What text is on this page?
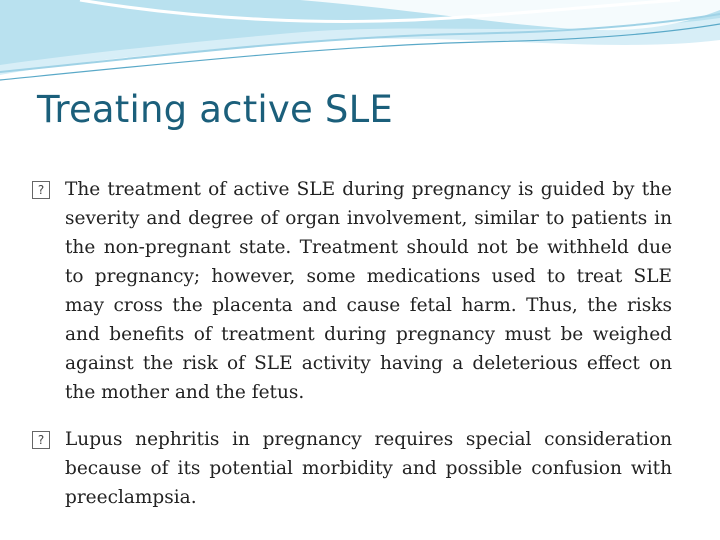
Treating active SLE

?	The treatment of active SLE during pregnancy is guided by the severity and degree of organ involvement, similar to patients in the non-pregnant state. Treatment should not be withheld due to pregnancy; however, some medications used to treat SLE may cross the placenta and cause fetal harm. Thus, the risks and benefits of treatment during pregnancy must be weighed against the risk of SLE activity having a deleterious effect on the mother and the fetus.

?	Lupus nephritis in pregnancy requires special consideration because of its potential morbidity and possible confusion with preeclampsia.
